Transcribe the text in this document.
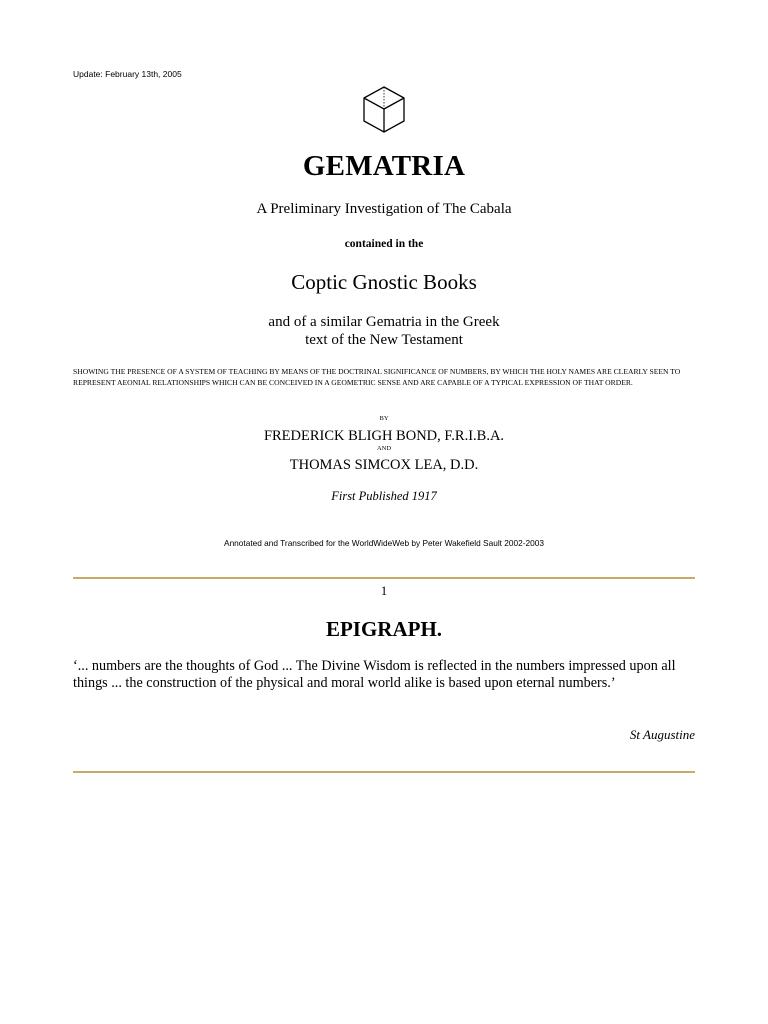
Update: February 13th, 2005

GEMATRIA

A Preliminary Investigation of The Cabala

contained in the

Coptic Gnostic Books
and of a similar Gematria in the Greek
text of the New Testament

SHOWING THE PRESENCE OF A SYSTEM OF TEACHING BY MEANS OF THE DOCTRINAL SIGNIFICANCE OF NUMBERS, BY WHICH THE HOLY NAMES ARE CLEARLY SEEN TO REPRESENT AEONIAL RELATIONSHIPS WHICH CAN BE CONCEIVED IN A GEOMETRIC SENSE AND ARE CAPABLE OF A TYPICAL EXPRESSION OF THAT ORDER.

BY

FREDERICK BLIGH BOND, F.R.I.B.A.

AND

THOMAS SIMCOX LEA, D.D.

First Published 1917

Annotated and Transcribed for the WorldWideWeb by Peter Wakefield Sault 2002-2003

1

EPIGRAPH.

‘... numbers are the thoughts of God ... The Divine Wisdom is reflected in the numbers impressed upon all things ... the construction of the physical and moral world alike is based upon eternal numbers.’

St Augustine
